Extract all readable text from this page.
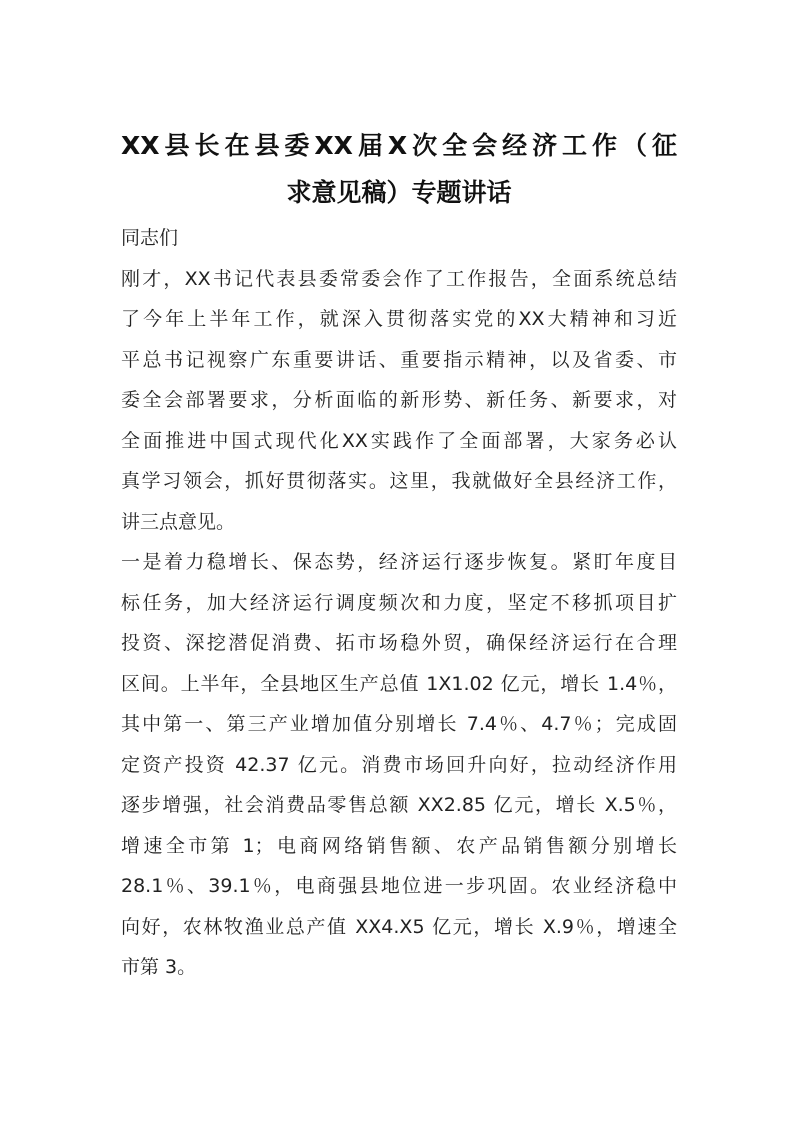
XX县长在县委XX届X次全会经济工作（征
求意见稿）专题讲话
同志们
刚才，XX书记代表县委常委会作了工作报告，全面系统总结
了今年上半年工作，就深入贯彻落实党的XX大精神和习近
平总书记视察广东重要讲话、重要指示精神，以及省委、市
委全会部署要求，分析面临的新形势、新任务、新要求，对
全面推进中国式现代化XX实践作了全面部署，大家务必认
真学习领会，抓好贯彻落实。这里，我就做好全县经济工作，
讲三点意见。
一是着力稳增长、保态势，经济运行逐步恢复。紧盯年度目
标任务，加大经济运行调度频次和力度，坚定不移抓项目扩
投资、深挖潜促消费、拓市场稳外贸，确保经济运行在合理
区间。上半年，全县地区生产总值 1X1.02 亿元，增长 1.4％，
其中第一、第三产业增加值分别增长 7.4％、4.7％；完成固
定资产投资 42.37 亿元。消费市场回升向好，拉动经济作用
逐步增强，社会消费品零售总额 XX2.85 亿元，增长 X.5％，
增速全市第 1；电商网络销售额、农产品销售额分别增长
28.1％、39.1％，电商强县地位进一步巩固。农业经济稳中
向好，农林牧渔业总产值 XX4.X5 亿元，增长 X.9％，增速全
市第 3。
